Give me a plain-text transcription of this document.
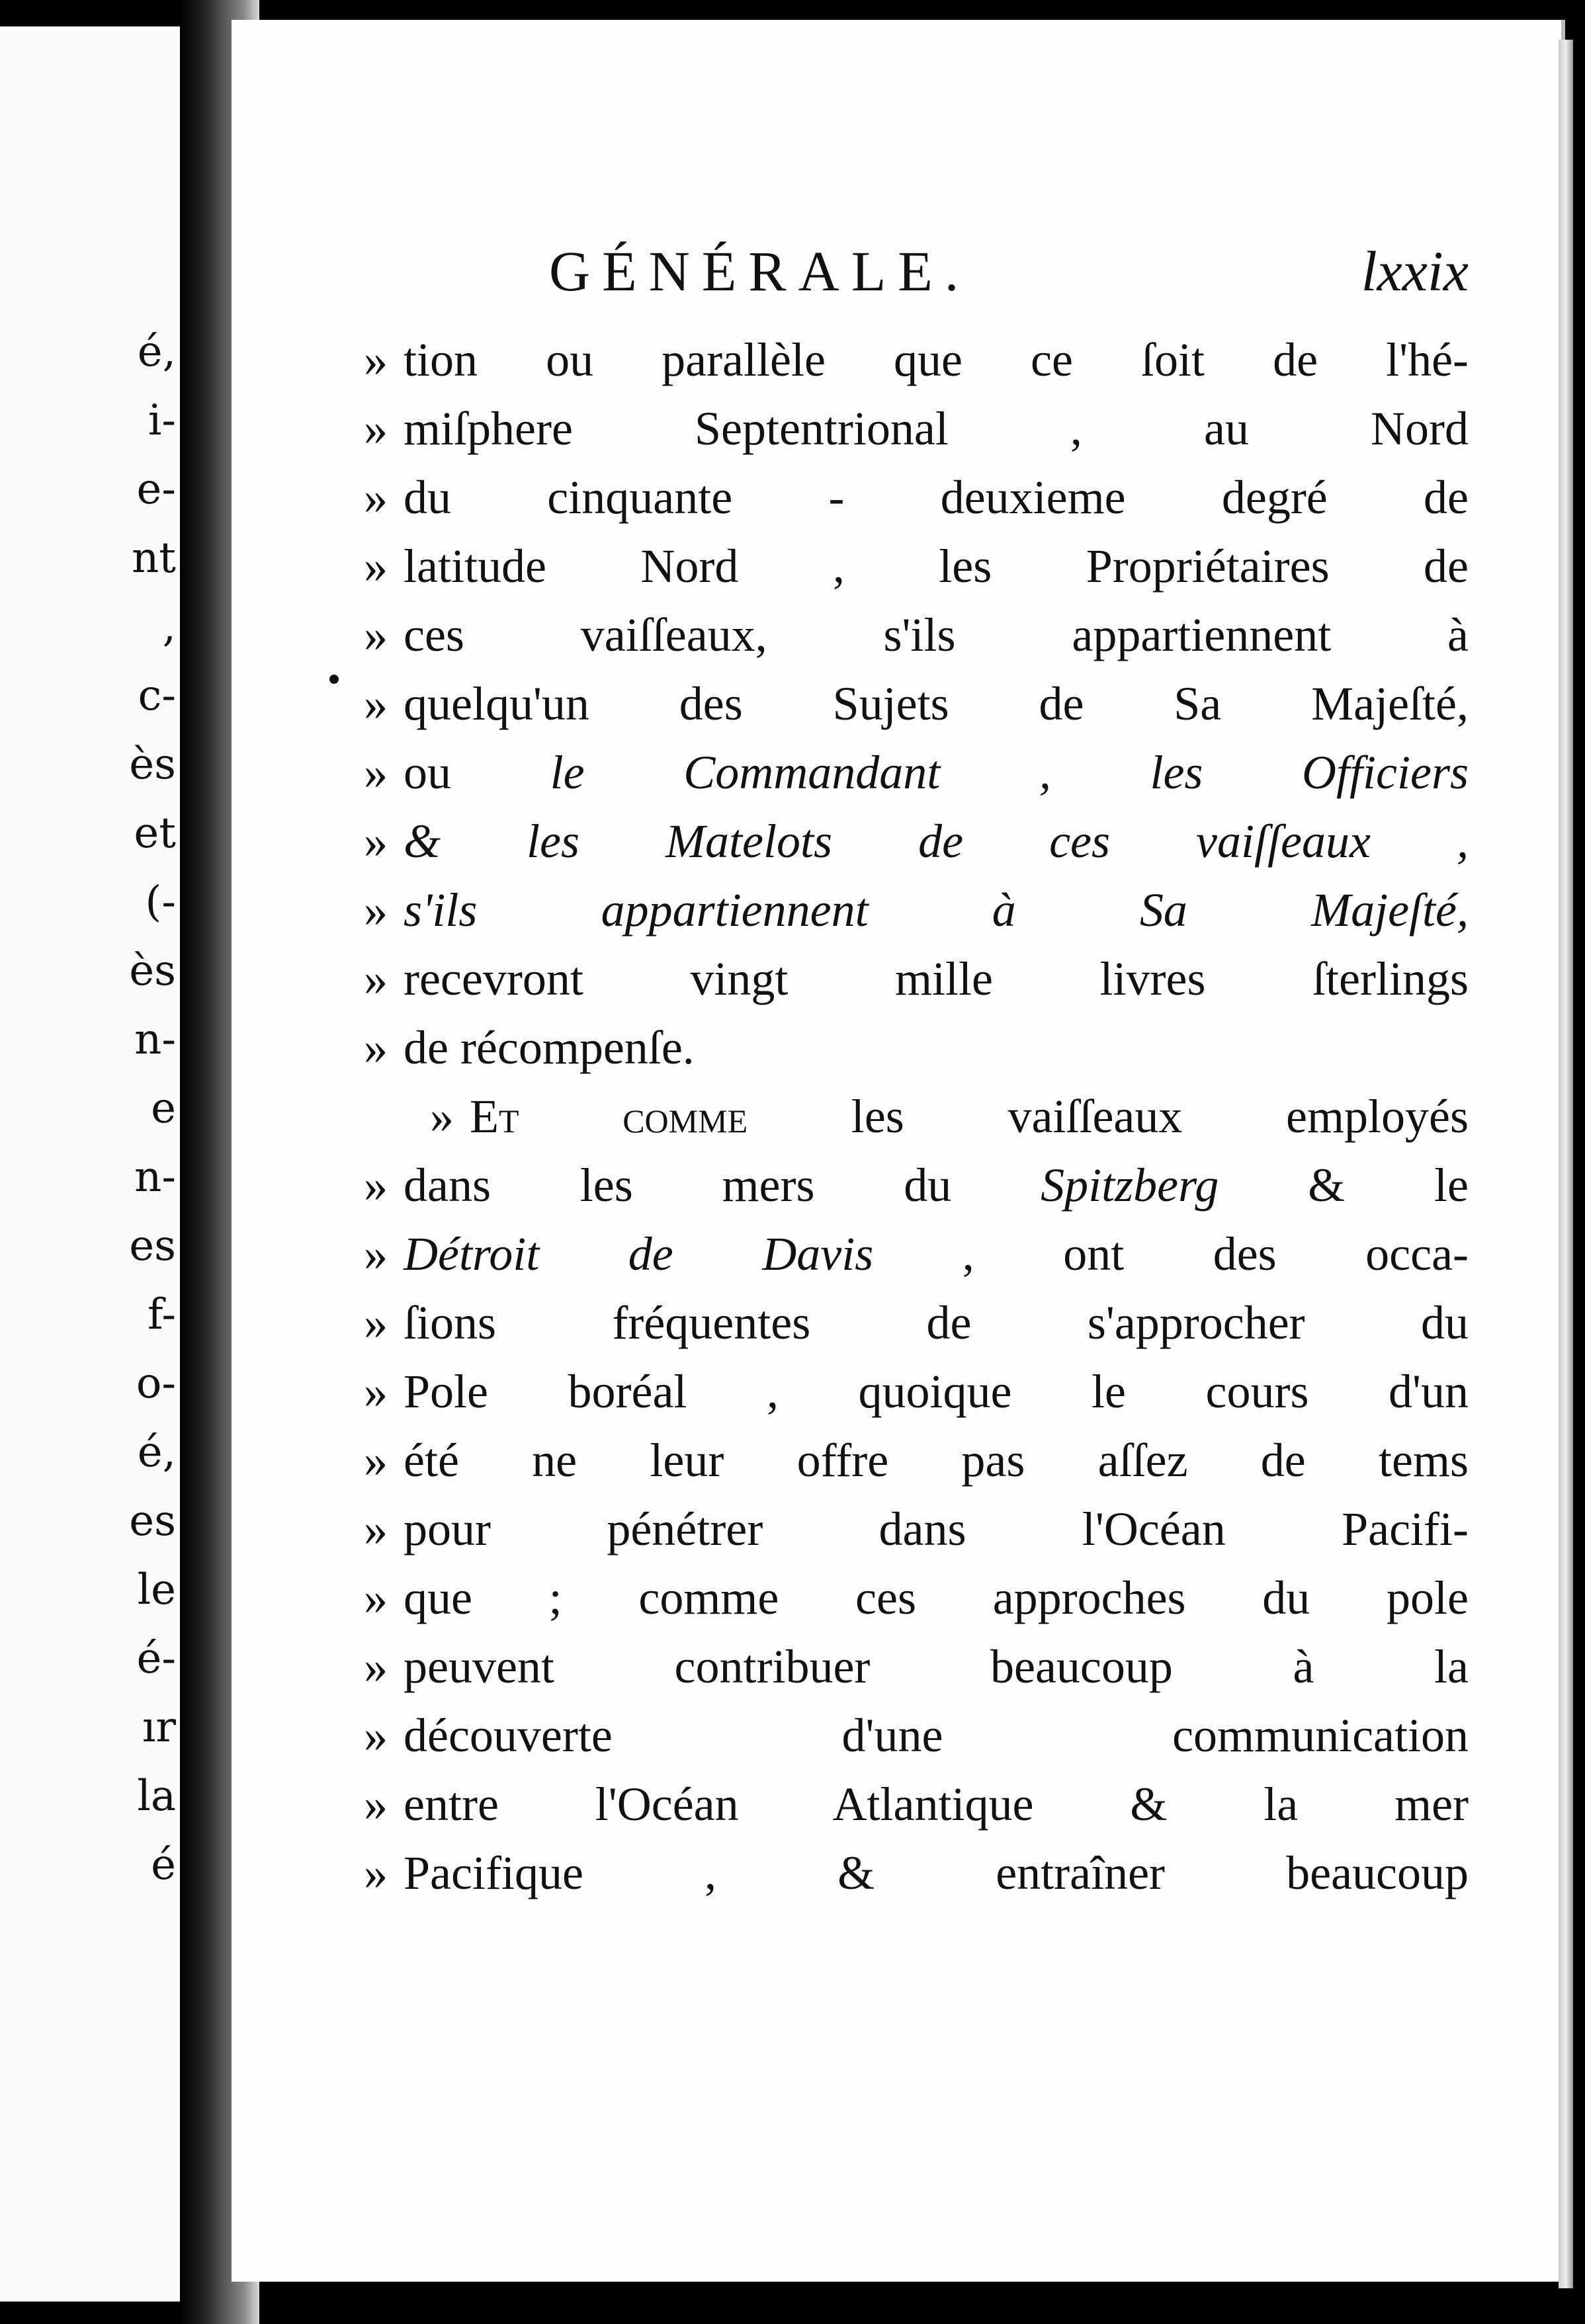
é,
i-
e-
nt
,
c-
ès
et
(-
ès
n-
e
n-
es
f-
o-
é,
es
le
é-
ır
la
é
GÉNÉRALE.	lxxix
» tion ou parallèle que ce ſoit de l'hé-
» miſphere Septentrional , au Nord
» du cinquante - deuxieme degré de
» latitude Nord , les Propriétaires de
» ces vaiſſeaux, s'ils appartiennent à
» quelqu'un des Sujets de Sa Majeſté,
» ou le Commandant , les Officiers
» & les Matelots de ces vaiſſeaux ,
» s'ils appartiennent à Sa Majeſté,
» recevront vingt mille livres ſterlings
» de récompenſe.
» Et comme les vaiſſeaux employés
» dans les mers du Spitzberg & le
» Détroit de Davis , ont des occa-
» ſions fréquentes de s'approcher du
» Pole boréal , quoique le cours d'un
» été ne leur offre pas aſſez de tems
» pour pénétrer dans l'Océan Pacifi-
» que ; comme ces approches du pole
» peuvent contribuer beaucoup à la
» découverte d'une communication
» entre l'Océan Atlantique & la mer
» Pacifique , & entraîner beaucoup
